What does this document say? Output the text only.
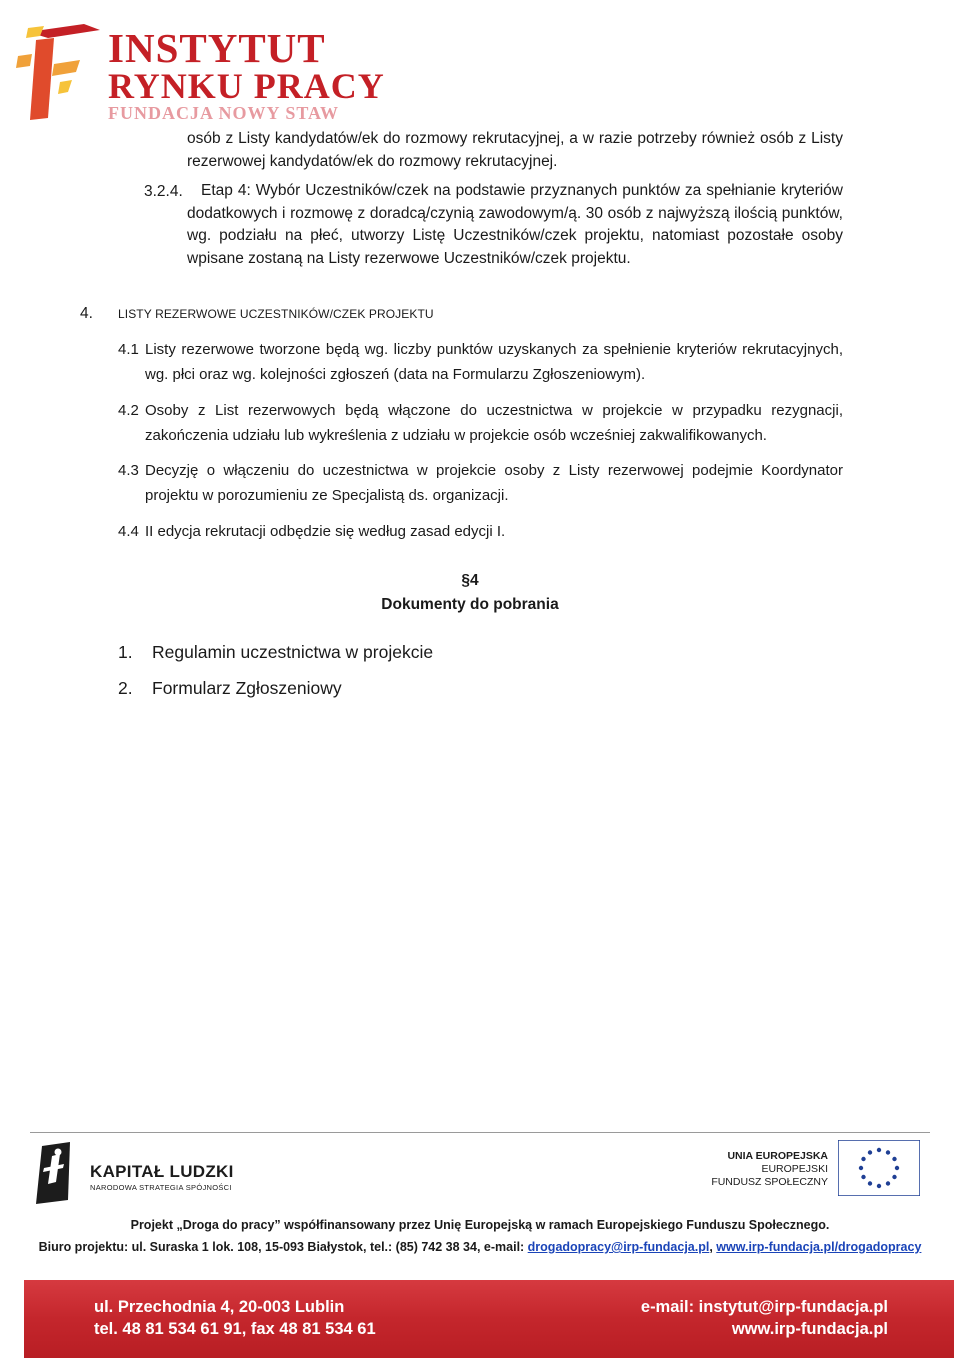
INSTYTUT
RYNKU PRACY
FUNDACJA NOWY STAW
osób z Listy kandydatów/ek do rozmowy rekrutacyjnej, a w razie potrzeby również osób z Listy rezerwowej kandydatów/ek do rozmowy rekrutacyjnej.
3.2.4.	Etap 4: Wybór Uczestników/czek na podstawie przyznanych punktów za spełnianie kryteriów dodatkowych i rozmowę z doradcą/czynią zawodowym/ą. 30 osób z najwyższą ilością punktów, wg. podziału na płeć, utworzy Listę Uczestników/czek projektu, natomiast pozostałe osoby wpisane zostaną na Listy rezerwowe Uczestników/czek projektu.
4. LISTY REZERWOWE UCZESTNIKÓW/CZEK PROJEKTU
4.1 Listy rezerwowe tworzone będą wg. liczby punktów uzyskanych za spełnienie kryteriów rekrutacyjnych, wg. płci oraz wg. kolejności zgłoszeń (data na Formularzu Zgłoszeniowym).
4.2 Osoby z List rezerwowych będą włączone do uczestnictwa w projekcie w przypadku rezygnacji, zakończenia udziału lub wykreślenia z udziału w projekcie osób wcześniej zakwalifikowanych.
4.3 Decyzję o włączeniu do uczestnictwa w projekcie osoby z Listy rezerwowej podejmie Koordynator projektu w porozumieniu ze Specjalistą ds. organizacji.
4.4 II edycja rekrutacji odbędzie się według zasad edycji I.
§4
Dokumenty do pobrania
1. Regulamin uczestnictwa w projekcie
2. Formularz Zgłoszeniowy
KAPITAŁ LUDZKI
NARODOWA STRATEGIA SPÓJNOŚCI
UNIA EUROPEJSKA
EUROPEJSKI
FUNDUSZ SPOŁECZNY
Projekt „Droga do pracy” współfinansowany przez Unię Europejską w ramach Europejskiego Funduszu Społecznego.
Biuro projektu: ul. Suraska 1 lok. 108, 15-093 Białystok, tel.: (85) 742 38 34, e-mail: drogadopracy@irp-fundacja.pl, www.irp-fundacja.pl/drogadopracy
ul. Przechodnia 4, 20-003 Lublin
tel. 48 81 534 61 91, fax 48 81 534 61
e-mail: instytut@irp-fundacja.pl
www.irp-fundacja.pl
